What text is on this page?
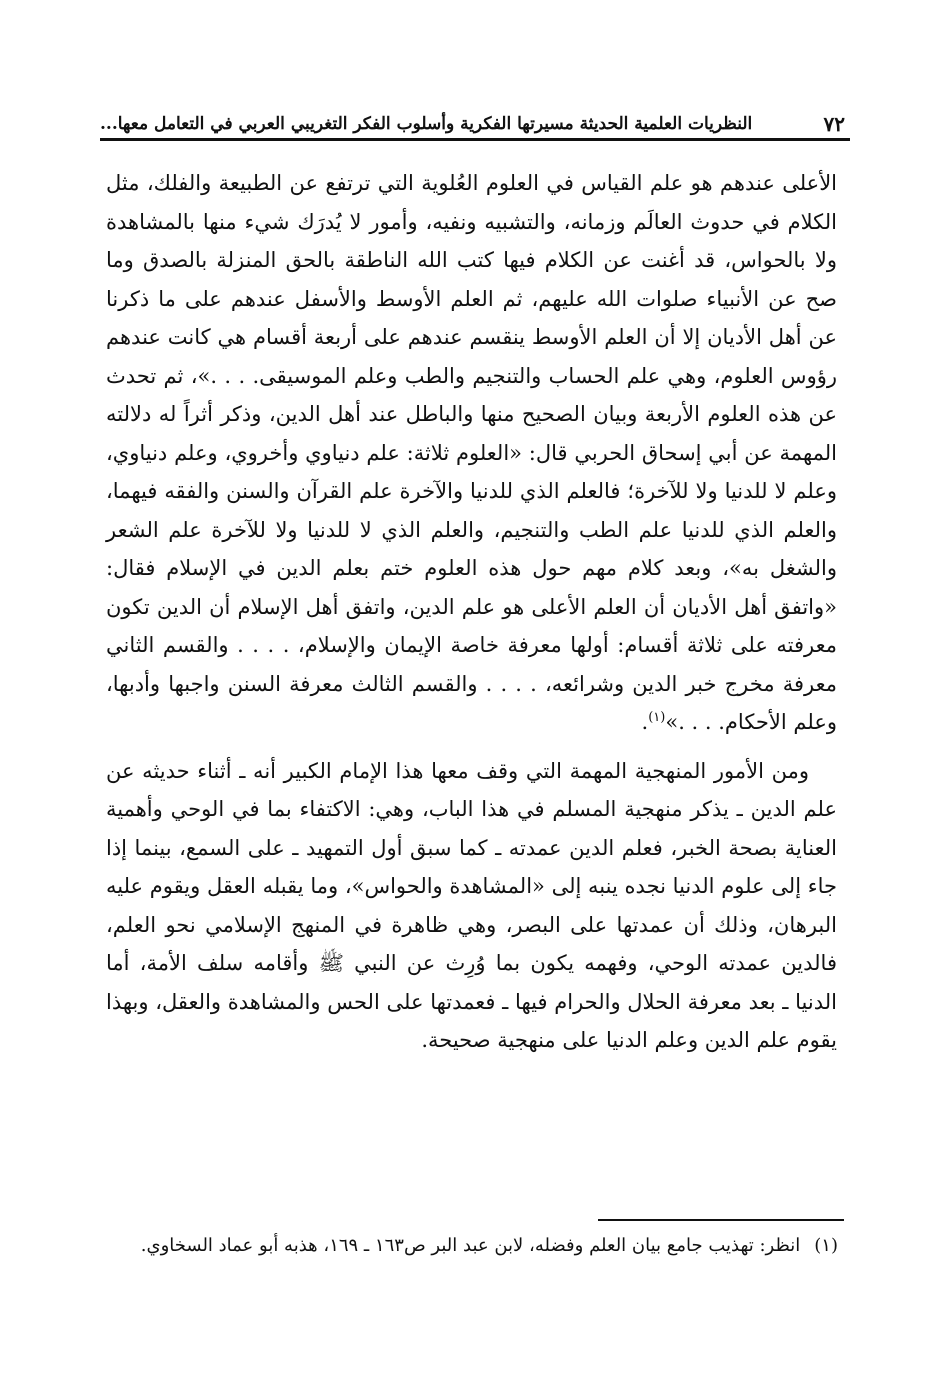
٧٢
النظريات العلمية الحديثة مسيرتها الفكرية وأسلوب الفكر التغريبي العربي في التعامل معها...

الأعلى عندهم هو علم القياس في العلوم العُلوية التي ترتفع عن الطبيعة والفلك، مثل الكلام في حدوث العالَم وزمانه، والتشبيه ونفيه، وأمور لا يُدرَك شيء منها بالمشاهدة ولا بالحواس، قد أغنت عن الكلام فيها كتب الله الناطقة بالحق المنزلة بالصدق وما صح عن الأنبياء صلوات الله عليهم، ثم العلم الأوسط والأسفل عندهم على ما ذكرنا عن أهل الأديان إلا أن العلم الأوسط ينقسم عندهم على أربعة أقسام هي كانت عندهم رؤوس العلوم، وهي علم الحساب والتنجيم والطب وعلم الموسيقى. . . .»، ثم تحدث عن هذه العلوم الأربعة وبيان الصحيح منها والباطل عند أهل الدين، وذكر أثراً له دلالته المهمة عن أبي إسحاق الحربي قال: «العلوم ثلاثة: علم دنياوي وأخروي، وعلم دنياوي، وعلم لا للدنيا ولا للآخرة؛ فالعلم الذي للدنيا والآخرة علم القرآن والسنن والفقه فيهما، والعلم الذي للدنيا علم الطب والتنجيم، والعلم الذي لا للدنيا ولا للآخرة علم الشعر والشغل به»، وبعد كلام مهم حول هذه العلوم ختم بعلم الدين في الإسلام فقال: «واتفق أهل الأديان أن العلم الأعلى هو علم الدين، واتفق أهل الإسلام أن الدين تكون معرفته على ثلاثة أقسام: أولها معرفة خاصة الإيمان والإسلام، . . . . والقسم الثاني معرفة مخرج خبر الدين وشرائعه، . . . . والقسم الثالث معرفة السنن واجبها وأدبها، وعلم الأحكام. . . .»$^{(١)}$.

ومن الأمور المنهجية المهمة التي وقف معها هذا الإمام الكبير أنه ـ أثناء حديثه عن علم الدين ـ يذكر منهجية المسلم في هذا الباب، وهي: الاكتفاء بما في الوحي وأهمية العناية بصحة الخبر، فعلم الدين عمدته ـ كما سبق أول التمهيد ـ على السمع، بينما إذا جاء إلى علوم الدنيا نجده ينبه إلى «المشاهدة والحواس»، وما يقبله العقل ويقوم عليه البرهان، وذلك أن عمدتها على البصر، وهي ظاهرة في المنهج الإسلامي نحو العلم، فالدين عمدته الوحي، وفهمه يكون بما وُرِث عن النبي ﷺ وأقامه سلف الأمة، أما الدنيا ـ بعد معرفة الحلال والحرام فيها ـ فعمدتها على الحس والمشاهدة والعقل، وبهذا يقوم علم الدين وعلم الدنيا على منهجية صحيحة.

(١)
انظر: تهذيب جامع بيان العلم وفضله، لابن عبد البر ص١٦٣ ـ ١٦٩، هذبه أبو عماد السخاوي.
